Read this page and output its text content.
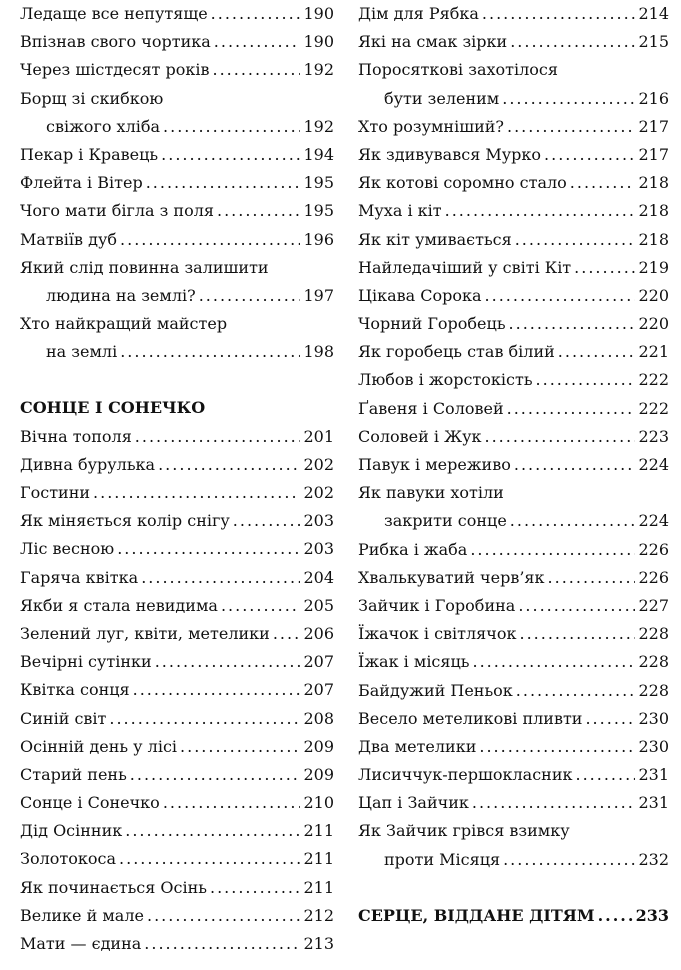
Ледаще все непутяще .....	190
Впізнав свого чортика .....	190
Через шістдесят років .....	192
Борщ зі скибкою
свіжого хліба .....	192
Пекар і Кравець .....	194
Флейта і Вітер .....	195
Чого мати бігла з поля .....	195
Матвіїв дуб .....	196
Який слід повинна залишити
людина на землі? .....	197
Хто найкращий майстер
на землі .....	198
СОНЦЕ І СОНЕЧКО
Вічна тополя .....	201
Дивна бурулька .....	202
Гостини .....	202
Як міняється колір снігу .....	203
Ліс весною .....	203
Гаряча квітка .....	204
Якби я стала невидима .....	205
Зелений луг, квіти, метелики ..... 206
Вечірні сутінки .....	207
Квітка сонця .....	207
Синій світ .....	208
Осінній день у лісі .....	209
Старий пень .....	209
Сонце і Сонечко .....	210
Дід Осінник .....	211
Золотокоса .....	211
Як починається Осінь .....	211
Велике й мале .....	212
Мати — єдина .....	213
Дім для Рябка .....	214
Які на смак зірки .....	215
Поросяткові захотілося
бути зеленим .....	216
Хто розумніший? .....	217
Як здивувався Мурко .....	217
Як котові соромно стало .....	218
Муха і кіт .....	218
Як кіт умивається .....	218
Найледачіший у світі Кіт .....	219
Цікава Сорока .....	220
Чорний Горобець .....	220
Як горобець став білий .....	221
Любов і жорстокість .....	222
Ґавеня і Соловей .....	222
Соловей і Жук .....	223
Павук і мереживо .....	224
Як павуки хотіли
закрити сонце .....	224
Рибка і жаба .....	226
Хвалькуватий черв’як .....	226
Зайчик і Горобина .....	227
Їжачок і світлячок .....	228
Їжак і місяць .....	228
Байдужий Пеньок .....	228
Весело метеликові пливти .....	230
Два метелики .....	230
Лисиччук-першокласник .....	231
Цап і Зайчик .....	231
Як Зайчик грівся взимку
проти Місяця .....	232
СЕРЦЕ, ВІДДАНЕ ДІТЯМ .....	233
